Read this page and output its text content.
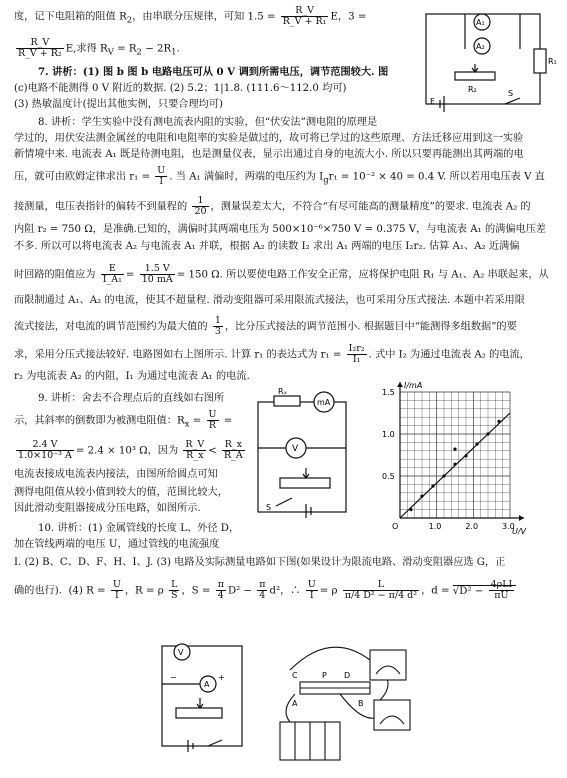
度，记下电阻箱的阻值 $R_2$，由串联分压规律，可知 $1.5 = \frac{R\_V}{\text{R\_V + R₁}}$ E，3 =
$\frac{R\_V}{\text{R\_V + R₂}} E$,求得 $R_V = R_2 - 2R_1$.
7. 讲析：(1) 图 b 图 b 电路电压可从 0 V 调到所需电压，调节范围较大. 图
(c)电路不能测得 0 V 附近的数据. (2) 5.2；1|1.8. (111.6～112.0 均可)
(3) 热敏温度计(提出其他实例，只要合理均可)
8. 讲析：学生实验中没有测电流表内阻的实验，但“伏安法”测电阻的原理是
学过的，用伏安法测金属丝的电阻和电阻率的实验是做过的，故可将已学过的这些原理、方法迁移应用到这一实验
新情境中来. 电流表 A₁ 既是待测电阻，也是测量仪表，显示出通过自身的电流大小. 所以只要再能测出其两端的电
压，就可由欧姆定律求出 $r_1 = \frac{U}{I}$ . 当 A₁ 满偏时，两端的电压约为 $I_gr_1 = 10^{-2} \times 40 = 0.4$ V. 所以若用电压表 V 直
接测量，电压表指针的偏转不到量程的 $\frac{1}{20}$ ，测量误差太大，不符合“有尽可能高的测量精度”的要求. 电流表 A₂ 的
内阻 r₂ = 750 Ω，是准确.已知的，满偏时其两端电压为 500×10⁻⁶×750 V = 0.375 V，与电流表 A₁ 的满偏电压差
不多. 所以可以将电流表 A₂ 与电流表 A₁ 并联，根据 A₂ 的读数 I₂ 求出 A₁ 两端的电压 I₂r₂. 估算 A₁、A₂ 近满偏
时回路的阻值应为 $\frac{E}{\text{I\_A₁}} = \frac{1.5 V}{10 mA} = 150$ Ω. 所以要使电路工作安全正常，应将保护电阻 R₁ 与 A₁、A₂ 串联起来，从
而限制通过 A₁、A₂ 的电流，使其不超量程. 滑动变阻器可采用限流式接法，也可采用分压式接法. 本题中若采用限
流式接法，对电流的调节范围约为最大值的 $\frac{1}{3}$ ，比分压式接法的调节范围小. 根据题目中“能测得多组数据”的要
求，采用分压式接法较好. 电路图如右上图所示. 计算 r₁ 的表达式为 $r_1 = \frac{\text{I₂r₂}}{\text{I₁}}$ . 式中 I₂ 为通过电流表 A₂ 的电流，
r₂ 为电流表 A₂ 的内阻，I₁ 为通过电流表 A₁ 的电流.
9. 讲析：舍去不合理点后的直线如右图所
示，其斜率的倒数即为被测电阻值：$R_x = \frac{U}{R}$ =
$\frac{2.4 V}{\text{1.0×10⁻³ A}} = 2.4 \times 10^3$ Ω，因为 $\frac{R\_V}{R\_x} < \frac{R\_x}{R\_A}$
电流表接成电流表内接法，由图所给圆点可知
测得电阻值从较小值到较大的值，范围比较大，
因此滑动变阻器接成分压电路，如图所示.
10. 讲析：(1) 金属管线的长度 L、外径 D，
加在管线两端的电压 U，通过管线的电流强度
I. (2) B、C、D、F、H、I、J. (3) 电路及实际测量电路如下图(如果设计为限流电路、滑动变阻器应选 G，正
确的也行). (4) $R = \frac{U}{I}$ ，R = ρ $\frac{L}{S}$ ，$S = \frac{\pi}{4} D^2 - \frac{\pi}{4} d^2$，∴ $\frac{U}{I} = \rho \frac{L}{\text{π/4 D² − π/4 d²}}$ ，$d = √D^2 - \frac{\text{4ρLI}}{\pi U}$
A₁
A₂
R₁
R₂
E
S
Rₓ
mA
V
S
1.0	2.0	3.0
0.5
1.0
1.5
O
U/V
I/mA
V
A
+
−	C	P D
A	B
